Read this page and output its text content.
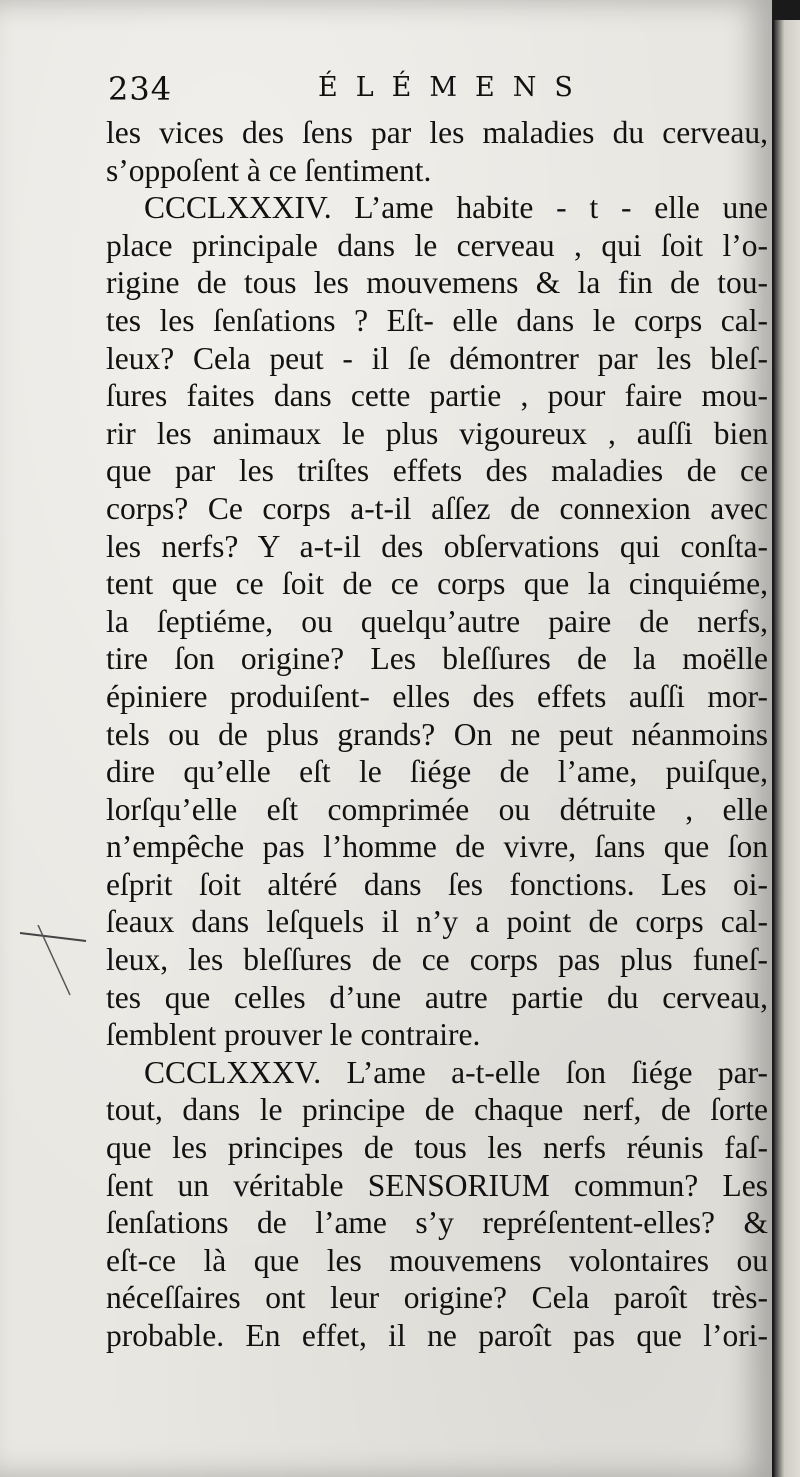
234	ÉLÉMENS
les vices des ſens par les maladies du cerveau,
s’oppoſent à ce ſentiment.
CCCLXXXIV. L’ame habite - t - elle une
place principale dans le cerveau , qui ſoit l’o-
rigine de tous les mouvemens & la fin de tou-
tes les ſenſations ? Eſt- elle dans le corps cal-
leux? Cela peut - il ſe démontrer par les bleſ-
ſures faites dans cette partie , pour faire mou-
rir les animaux le plus vigoureux , auſſi bien
que par les triſtes effets des maladies de ce
corps? Ce corps a-t-il aſſez de connexion avec
les nerfs? Y a-t-il des obſervations qui conſta-
tent que ce ſoit de ce corps que la cinquiéme,
la ſeptiéme, ou quelqu’autre paire de nerfs,
tire ſon origine? Les bleſſures de la moëlle
épiniere produiſent- elles des effets auſſi mor-
tels ou de plus grands? On ne peut néanmoins
dire qu’elle eſt le ſiége de l’ame, puiſque,
lorſqu’elle eſt comprimée ou détruite , elle
n’empêche pas l’homme de vivre, ſans que ſon
eſprit ſoit altéré dans ſes fonctions. Les oi-
ſeaux dans leſquels il n’y a point de corps cal-
leux, les bleſſures de ce corps pas plus funeſ-
tes que celles d’une autre partie du cerveau,
ſemblent prouver le contraire.
CCCLXXXV. L’ame a-t-elle ſon ſiége par-
tout, dans le principe de chaque nerf, de ſorte
que les principes de tous les nerfs réunis faſ-
ſent un véritable SENSORIUM commun? Les
ſenſations de l’ame s’y repréſentent-elles? &
eſt-ce là que les mouvemens volontaires ou
néceſſaires ont leur origine? Cela paroît très-
probable. En effet, il ne paroît pas que l’ori-
